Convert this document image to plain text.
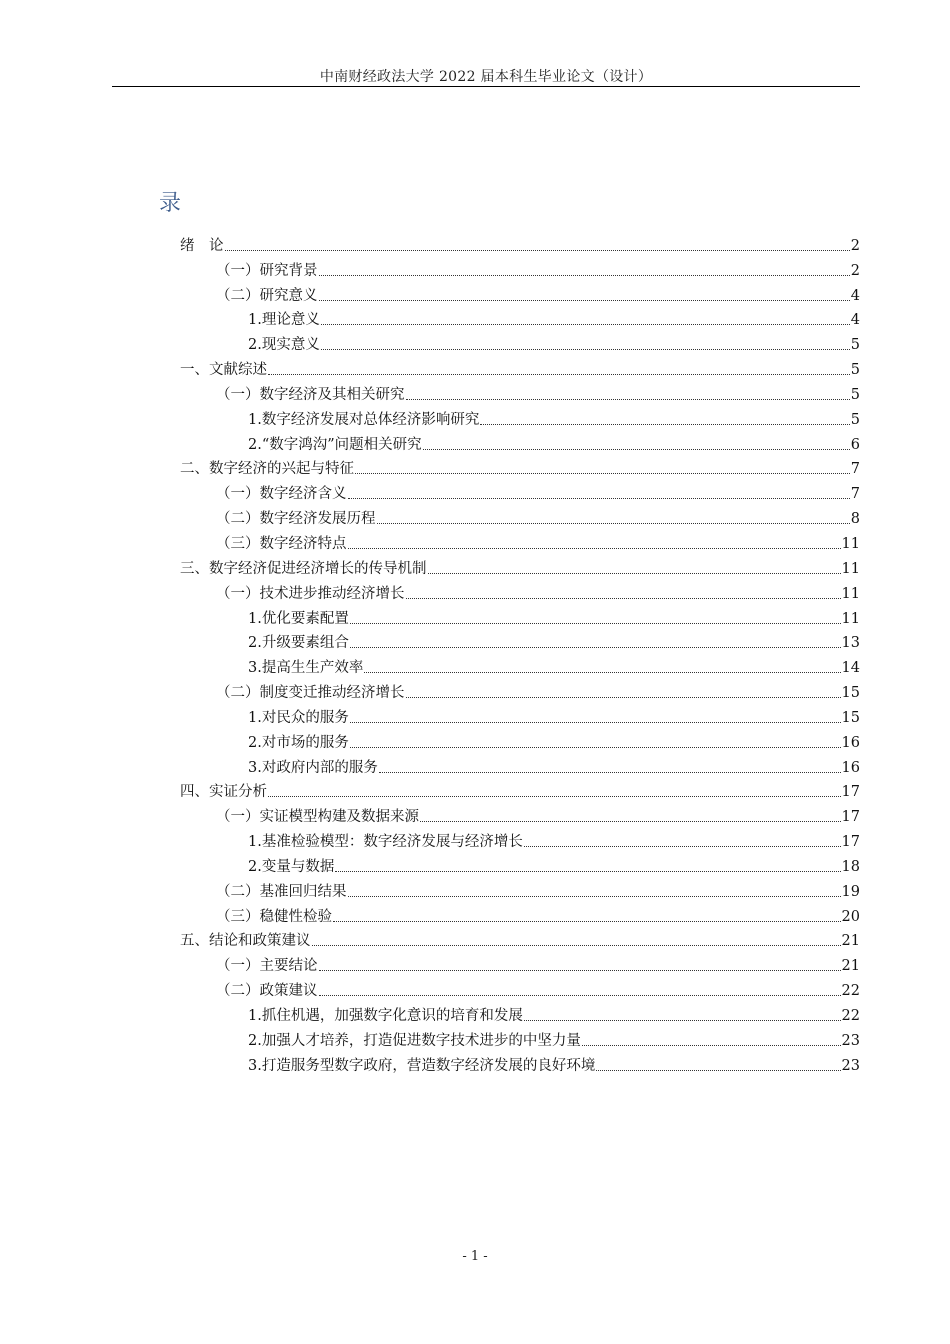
中南财经政法大学 2022 届本科生毕业论文（设计）
录
绪　论	2
（一）研究背景	2
（二）研究意义	4
1.理论意义	4
2.现实意义	5
一、文献综述	5
（一）数字经济及其相关研究	5
1.数字经济发展对总体经济影响研究	5
2.“数字鸿沟”问题相关研究	6
二、数字经济的兴起与特征	7
（一）数字经济含义	7
（二）数字经济发展历程	8
（三）数字经济特点	11
三、数字经济促进经济增长的传导机制	11
（一）技术进步推动经济增长	11
1.优化要素配置	11
2.升级要素组合	13
3.提高生生产效率	14
（二）制度变迁推动经济增长	15
1.对民众的服务	15
2.对市场的服务	16
3.对政府内部的服务	16
四、实证分析	17
（一）实证模型构建及数据来源	17
1.基准检验模型：数字经济发展与经济增长	17
2.变量与数据	18
（二）基准回归结果	19
（三）稳健性检验	20
五、结论和政策建议	21
（一）主要结论	21
（二）政策建议	22
1.抓住机遇，加强数字化意识的培育和发展	22
2.加强人才培养，打造促进数字技术进步的中坚力量	23
3.打造服务型数字政府，营造数字经济发展的良好环境	23
- 1 -
